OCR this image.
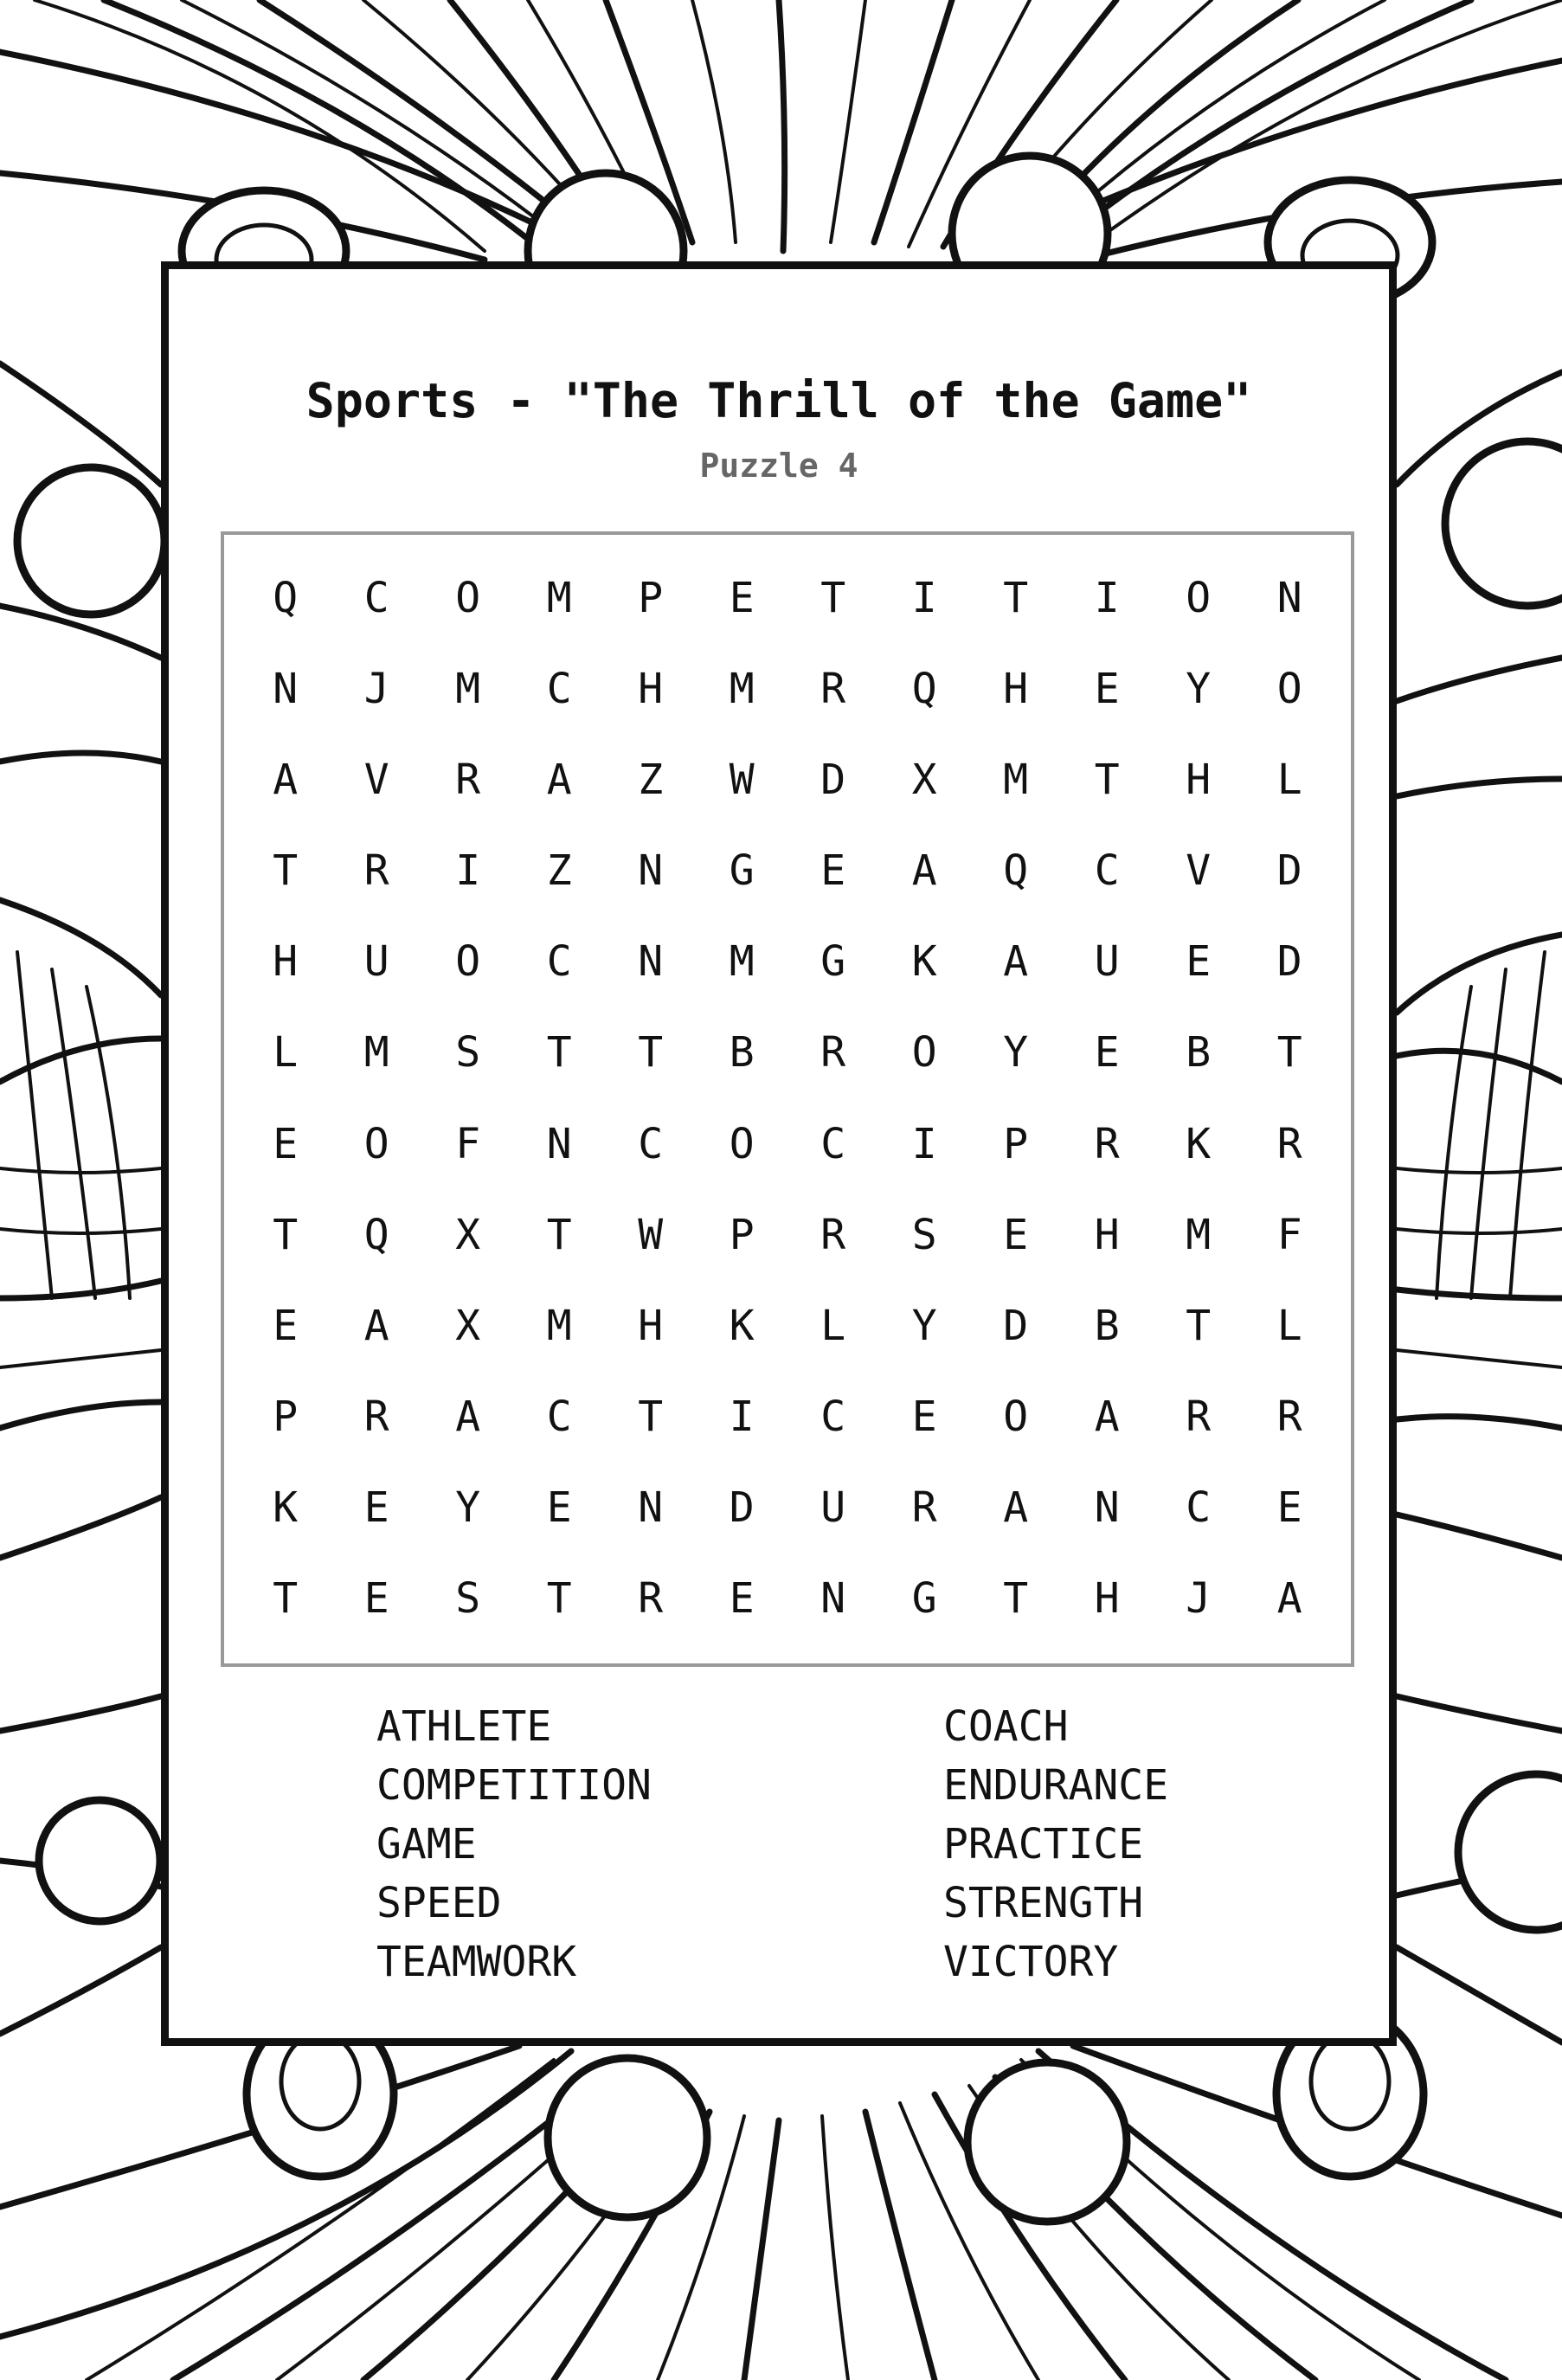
Sports - "The Thrill of the Game"
Puzzle 4
Q	C	O	M	P	E	T	I	T	I	O	N
N	J	M	C	H	M	R	Q	H	E	Y	O
A	V	R	A	Z	W	D	X	M	T	H	L
T	R	I	Z	N	G	E	A	Q	C	V	D
H	U	O	C	N	M	G	K	A	U	E	D
L	M	S	T	T	B	R	O	Y	E	B	T
E	O	F	N	C	O	C	I	P	R	K	R
T	Q	X	T	W	P	R	S	E	H	M	F
E	A	X	M	H	K	L	Y	D	B	T	L
P	R	A	C	T	I	C	E	O	A	R	R
K	E	Y	E	N	D	U	R	A	N	C	E
T	E	S	T	R	E	N	G	T	H	J	A
ATHLETE	COACH
COMPETITION	ENDURANCE
GAME	PRACTICE
SPEED	STRENGTH
TEAMWORK	VICTORY
